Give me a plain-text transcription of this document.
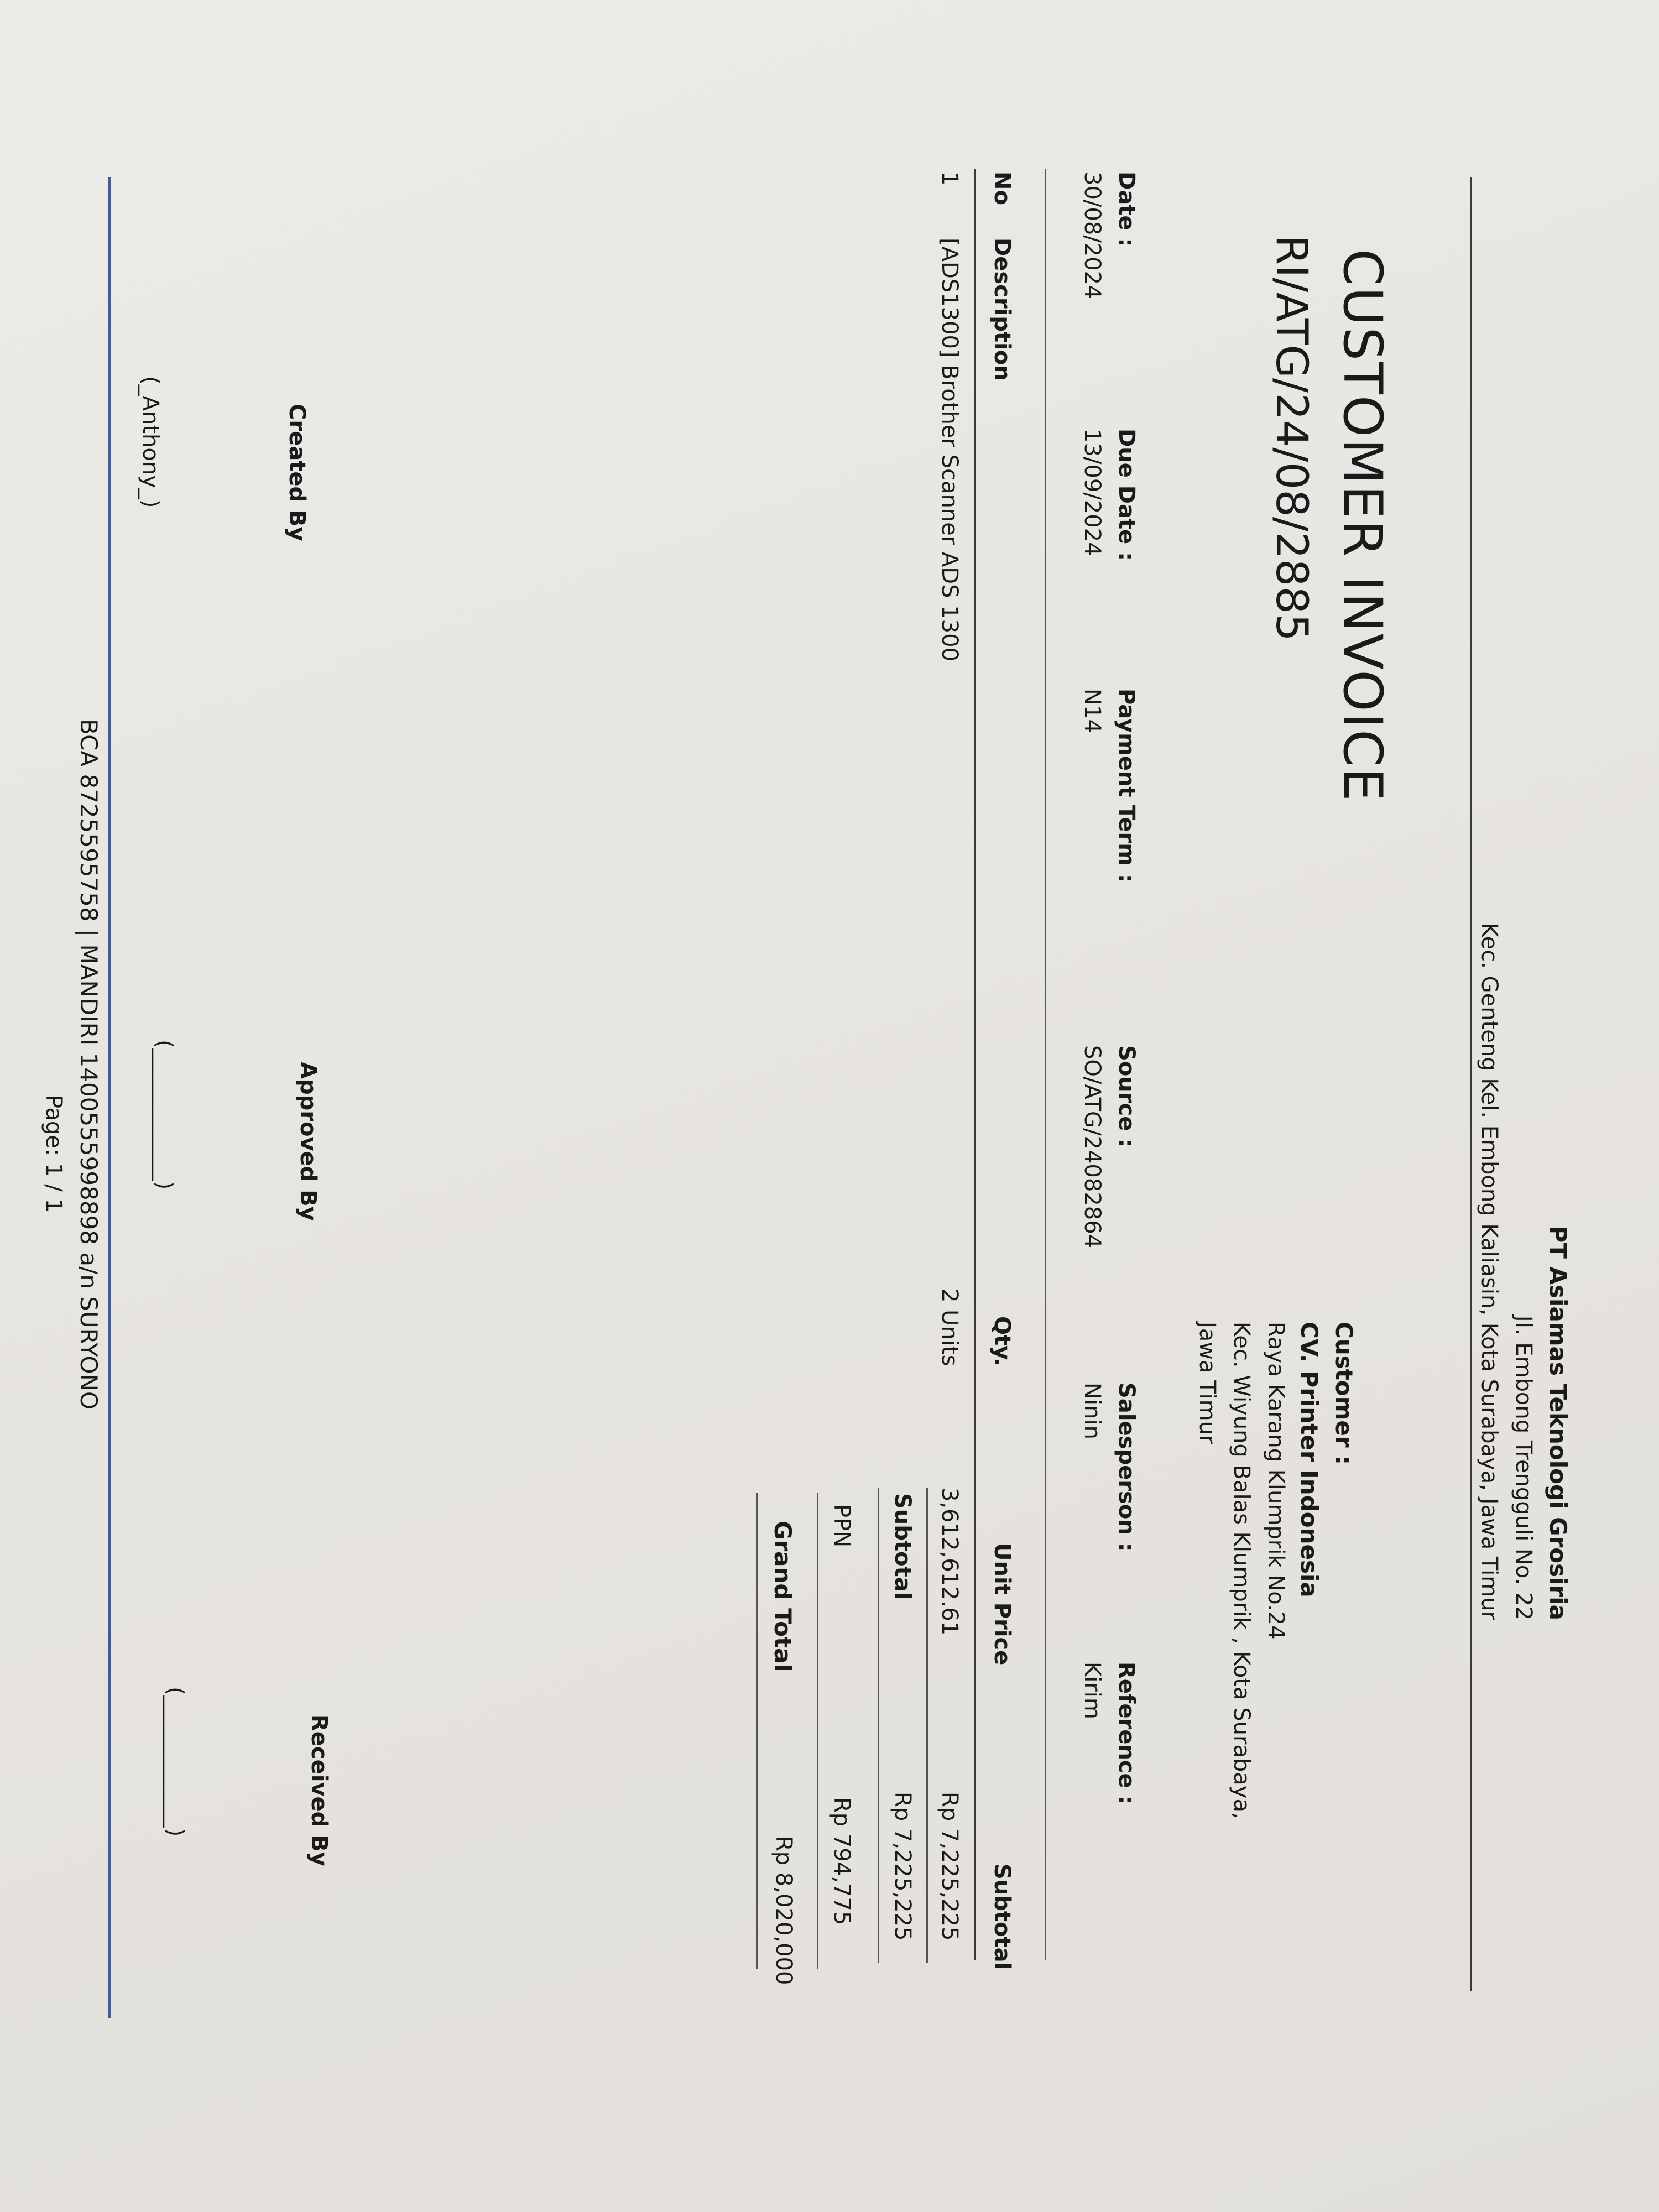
PT Asiamas Teknologi Grosiria
Jl. Embong Trengguli No. 22
Kec. Genteng Kel. Embong Kaliasin, Kota Surabaya, Jawa Timur
CUSTOMER INVOICE
RI/ATG/24/08/2885
Customer :
CV. Printer Indonesia
Raya Karang Klumprik No.24
Kec. Wiyung Balas Klumprik , Kota Surabaya,
Jawa Timur
Date :
30/08/2024
Due Date :
13/09/2024
Payment Term :
N14
Source :
SO/ATG/24082864
Salesperson :
Ninin
Reference :
Kirim
No
Description
Qty.
Unit Price
Subtotal
1
[ADS1300] Brother Scanner ADS 1300
2 Units
3,612,612.61
Rp 7,225,225
Subtotal
Rp 7,225,225
PPN
Rp 794,775
Grand Total
Rp 8,020,000
Created By
(_Anthony_)
Approved By
(____________)
Received By
(____________)
BCA 8725595758 | MANDIRI 1400555998898 a/n SURYONO
Page: 1 / 1
